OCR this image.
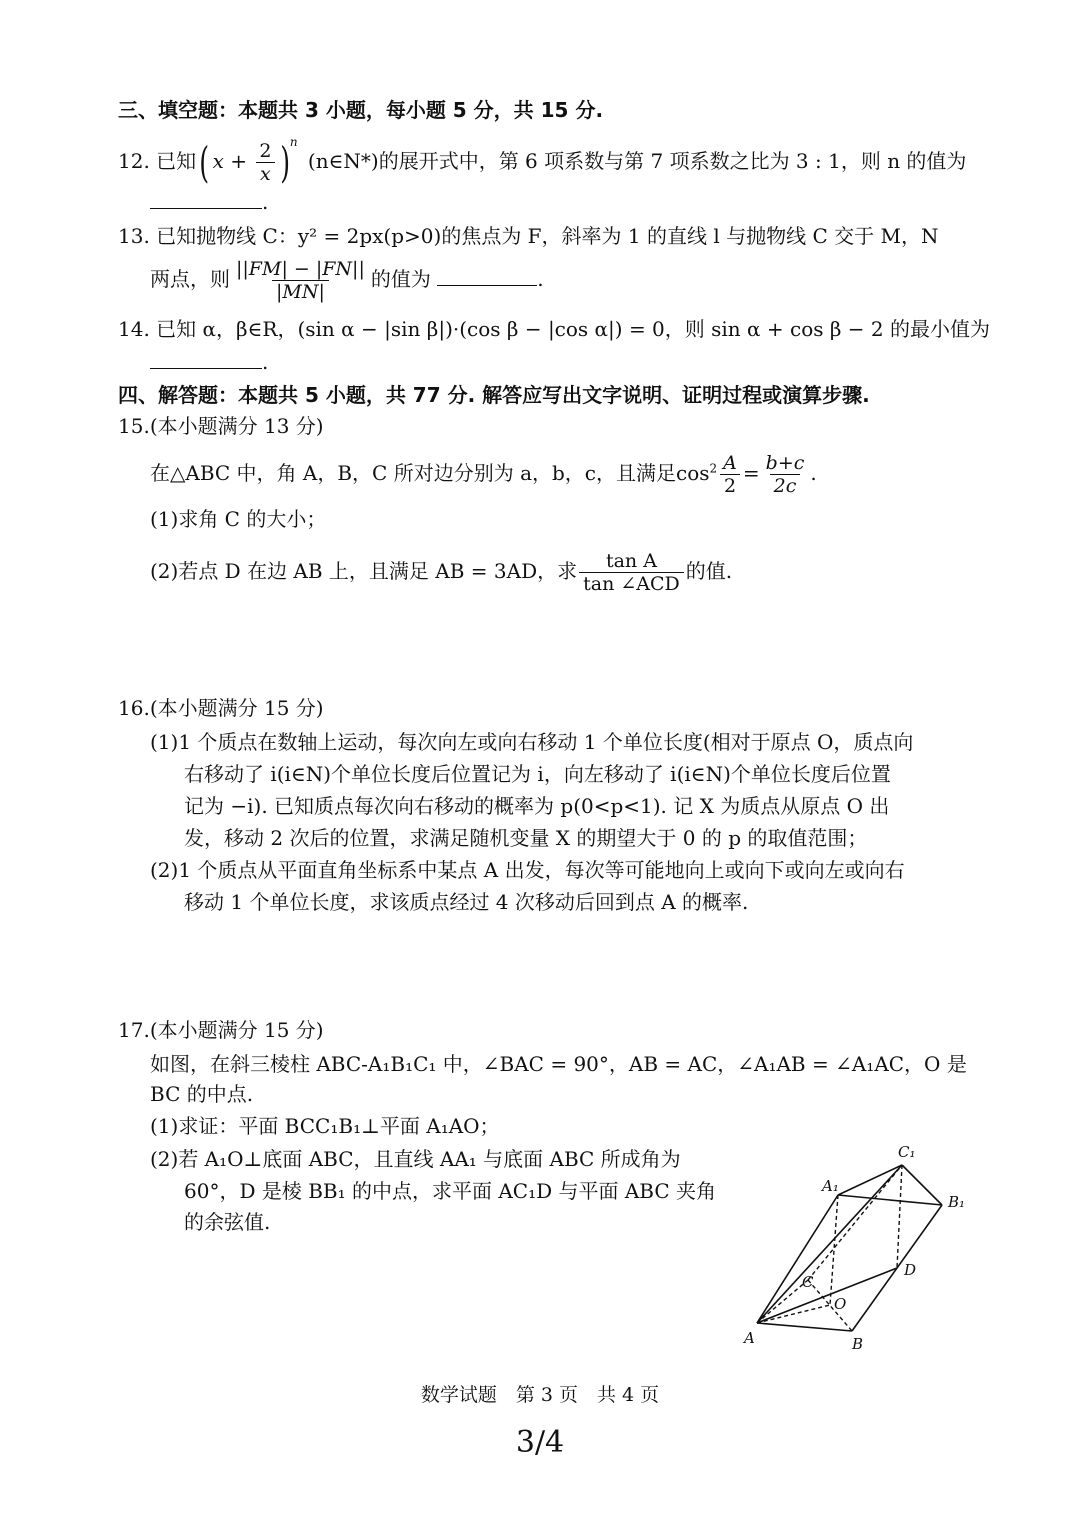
三、填空题：本题共 3 小题，每小题 5 分，共 15 分.
12. 已知( $x + \frac{2}{x} )^n$ (n∈N*)的展开式中，第 6 项系数与第 7 项系数之比为 3 : 1，则 n 的值为
.
13. 已知抛物线 C：y² = 2px(p>0)的焦点为 F，斜率为 1 的直线 l 与抛物线 C 交于 M，N
两点，则 $\frac{||FM| - |FN||}{|MN|}$ 的值为	.
14. 已知 α，β∈R，(sin α − |sin β|)·(cos β − |cos α|) = 0，则 sin α + cos β − 2 的最小值为
.
四、解答题：本题共 5 小题，共 77 分. 解答应写出文字说明、证明过程或演算步骤.
15.(本小题满分 13 分)
在△ABC 中，角 A，B，C 所对边分别为 a，b，c，且满足$\cos^2 \frac{A}{2} = \frac{b+c}{2c}$ .
(1)求角 C 的大小；
(2)若点 D 在边 AB 上，且满足 AB = 3AD，求 $\frac{\text{tan A}}{\text{tan ∠ACD}}$ 的值.
16.(本小题满分 15 分)
(1)1 个质点在数轴上运动，每次向左或向右移动 1 个单位长度(相对于原点 O，质点向
右移动了 i(i∈N)个单位长度后位置记为 i，向左移动了 i(i∈N)个单位长度后位置
记为 −i). 已知质点每次向右移动的概率为 p(0<p<1). 记 X 为质点从原点 O 出
发，移动 2 次后的位置，求满足随机变量 X 的期望大于 0 的 p 的取值范围；
(2)1 个质点从平面直角坐标系中某点 A 出发，每次等可能地向上或向下或向左或向右
移动 1 个单位长度，求该质点经过 4 次移动后回到点 A 的概率.
17.(本小题满分 15 分)
如图，在斜三棱柱 ABC-A₁B₁C₁ 中，∠BAC = 90°，AB = AC，∠A₁AB = ∠A₁AC，O 是
BC 的中点.
(1)求证：平面 BCC₁B₁⊥平面 A₁AO；
(2)若 A₁O⊥底面 ABC，且直线 AA₁ 与底面 ABC 所成角为
60°，D 是棱 BB₁ 的中点，求平面 AC₁D 与平面 ABC 夹角
的余弦值.
C₁
A₁
B₁
D
C
O
A	B
数学试题　第 3 页　共 4 页
3/4
